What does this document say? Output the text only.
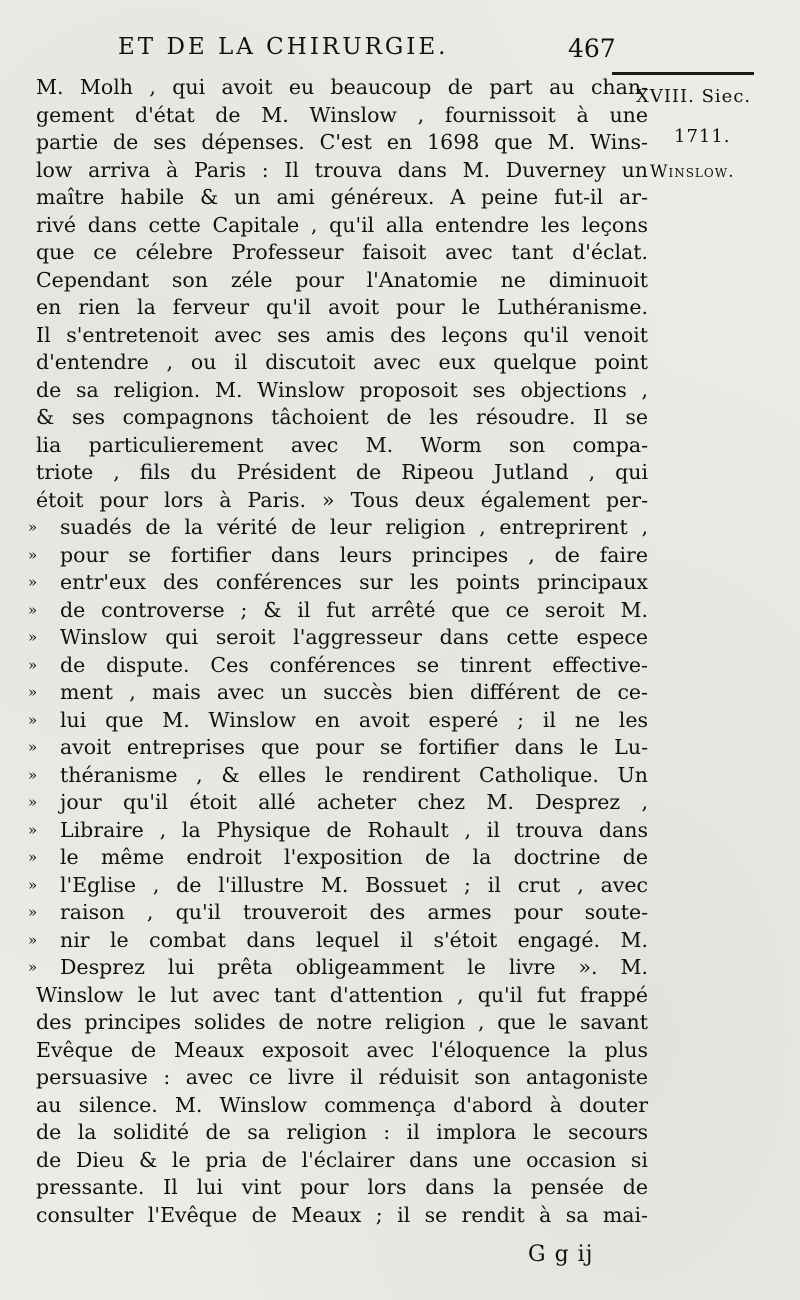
ET DE LA CHIRURGIE.	467
XVIII. Siec.
1711.
Winslow.
M. Molh , qui avoit eu beaucoup de part au chan-
gement d'état de M. Winslow , fournissoit à une
partie de ses dépenses. C'est en 1698 que M. Wins-
low arriva à Paris : Il trouva dans M. Duverney un
maître habile & un ami généreux. A peine fut-il ar-
rivé dans cette Capitale , qu'il alla entendre les leçons
que ce célebre Professeur faisoit avec tant d'éclat.
Cependant son zéle pour l'Anatomie ne diminuoit
en rien la ferveur qu'il avoit pour le Luthéranisme.
Il s'entretenoit avec ses amis des leçons qu'il venoit
d'entendre , ou il discutoit avec eux quelque point
de sa religion. M. Winslow proposoit ses objections ,
& ses compagnons tâchoient de les résoudre. Il se
lia particulierement avec M. Worm son compa-
triote , fils du Président de Ripeou Jutland , qui
étoit pour lors à Paris. » Tous deux également per-
»	suadés de la vérité de leur religion , entreprirent ,
»	pour se fortifier dans leurs principes , de faire
»	entr'eux des conférences sur les points principaux
»	de controverse ; & il fut arrêté que ce seroit M.
»	Winslow qui seroit l'aggresseur dans cette espece
»	de dispute. Ces conférences se tinrent effective-
»	ment , mais avec un succès bien différent de ce-
»	lui que M. Winslow en avoit esperé ; il ne les
»	avoit entreprises que pour se fortifier dans le Lu-
»	théranisme , & elles le rendirent Catholique. Un
»	jour qu'il étoit allé acheter chez M. Desprez ,
»	Libraire , la Physique de Rohault , il trouva dans
»	le même endroit l'exposition de la doctrine de
»	l'Eglise , de l'illustre M. Bossuet ; il crut , avec
»	raison , qu'il trouveroit des armes pour soute-
»	nir le combat dans lequel il s'étoit engagé. M.
»	Desprez lui prêta obligeamment le livre ». M.
Winslow le lut avec tant d'attention , qu'il fut frappé
des principes solides de notre religion , que le savant
Evêque de Meaux exposoit avec l'éloquence la plus
persuasive : avec ce livre il réduisit son antagoniste
au silence. M. Winslow commença d'abord à douter
de la solidité de sa religion : il implora le secours
de Dieu & le pria de l'éclairer dans une occasion si
pressante. Il lui vint pour lors dans la pensée de
consulter l'Evêque de Meaux ; il se rendit à sa mai-
G g ij
